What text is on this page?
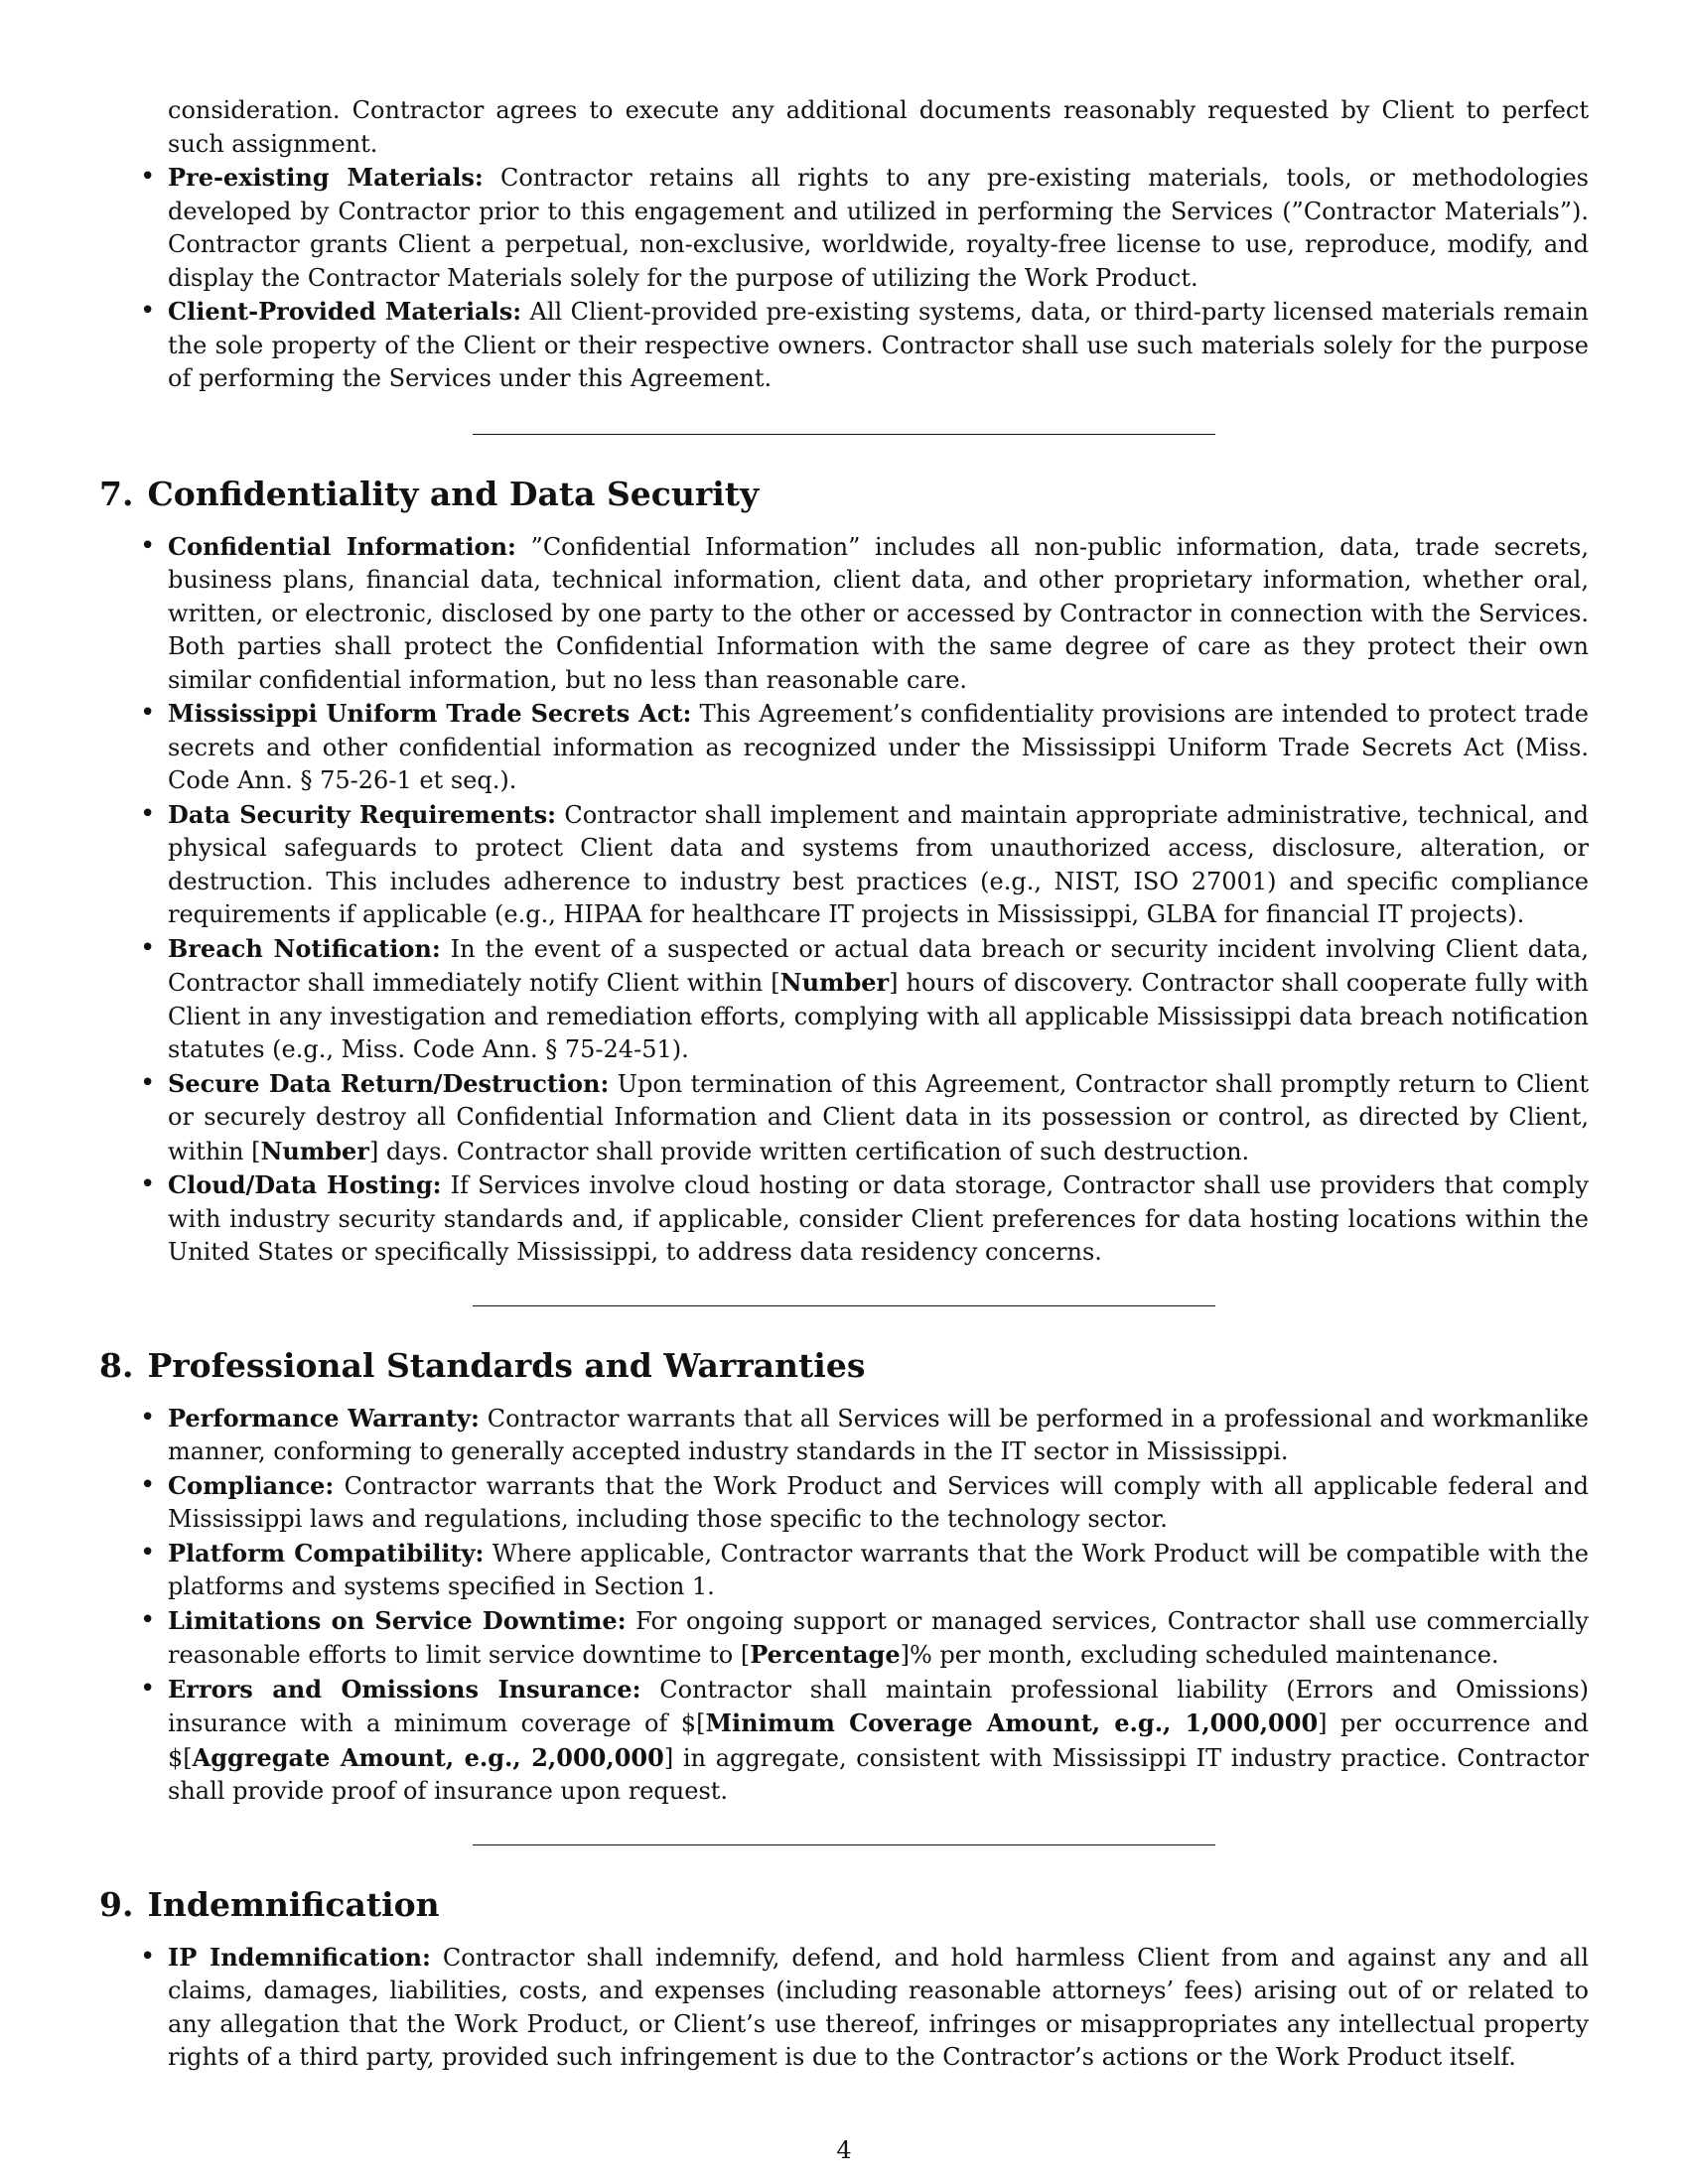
consideration. Contractor agrees to execute any additional documents reasonably requested by Client to perfect such assignment.
• Pre-existing Materials: Contractor retains all rights to any pre-existing materials, tools, or methodologies developed by Contractor prior to this engagement and utilized in performing the Services (”Contractor Materials”). Contractor grants Client a perpetual, non-exclusive, worldwide, royalty-free license to use, reproduce, modify, and display the Contractor Materials solely for the purpose of utilizing the Work Product.
• Client-Provided Materials: All Client-provided pre-existing systems, data, or third-party licensed materials remain the sole property of the Client or their respective owners. Contractor shall use such materials solely for the purpose of performing the Services under this Agreement.
7. Confidentiality and Data Security
• Confidential Information: ”Confidential Information” includes all non-public information, data, trade secrets, business plans, financial data, technical information, client data, and other proprietary information, whether oral, written, or electronic, disclosed by one party to the other or accessed by Contractor in connection with the Services. Both parties shall protect the Confidential Information with the same degree of care as they protect their own similar confidential information, but no less than reasonable care.
• Mississippi Uniform Trade Secrets Act: This Agreement’s confidentiality provisions are intended to protect trade secrets and other confidential information as recognized under the Mississippi Uniform Trade Secrets Act (Miss. Code Ann. § 75-26-1 et seq.).
• Data Security Requirements: Contractor shall implement and maintain appropriate administrative, technical, and physical safeguards to protect Client data and systems from unauthorized access, disclosure, alteration, or destruction. This includes adherence to industry best practices (e.g., NIST, ISO 27001) and specific compliance requirements if applicable (e.g., HIPAA for healthcare IT projects in Mississippi, GLBA for financial IT projects).
• Breach Notification: In the event of a suspected or actual data breach or security incident involving Client data, Contractor shall immediately notify Client within [Number] hours of discovery. Contractor shall cooperate fully with Client in any investigation and remediation efforts, complying with all applicable Mississippi data breach notification statutes (e.g., Miss. Code Ann. § 75-24-51).
• Secure Data Return/Destruction: Upon termination of this Agreement, Contractor shall promptly return to Client or securely destroy all Confidential Information and Client data in its possession or control, as directed by Client, within [Number] days. Contractor shall provide written certification of such destruction.
• Cloud/Data Hosting: If Services involve cloud hosting or data storage, Contractor shall use providers that comply with industry security standards and, if applicable, consider Client preferences for data hosting locations within the United States or specifically Mississippi, to address data residency concerns.
8. Professional Standards and Warranties
• Performance Warranty: Contractor warrants that all Services will be performed in a professional and workmanlike manner, conforming to generally accepted industry standards in the IT sector in Mississippi.
• Compliance: Contractor warrants that the Work Product and Services will comply with all applicable federal and Mississippi laws and regulations, including those specific to the technology sector.
• Platform Compatibility: Where applicable, Contractor warrants that the Work Product will be compatible with the platforms and systems specified in Section 1.
• Limitations on Service Downtime: For ongoing support or managed services, Contractor shall use commercially reasonable efforts to limit service downtime to [Percentage]% per month, excluding scheduled maintenance.
• Errors and Omissions Insurance: Contractor shall maintain professional liability (Errors and Omissions) insurance with a minimum coverage of $[Minimum Coverage Amount, e.g., 1,000,000] per occurrence and $[Aggregate Amount, e.g., 2,000,000] in aggregate, consistent with Mississippi IT industry practice. Contractor shall provide proof of insurance upon request.
9. Indemnification
• IP Indemnification: Contractor shall indemnify, defend, and hold harmless Client from and against any and all claims, damages, liabilities, costs, and expenses (including reasonable attorneys’ fees) arising out of or related to any allegation that the Work Product, or Client’s use thereof, infringes or misappropriates any intellectual property rights of a third party, provided such infringement is due to the Contractor’s actions or the Work Product itself.
4
